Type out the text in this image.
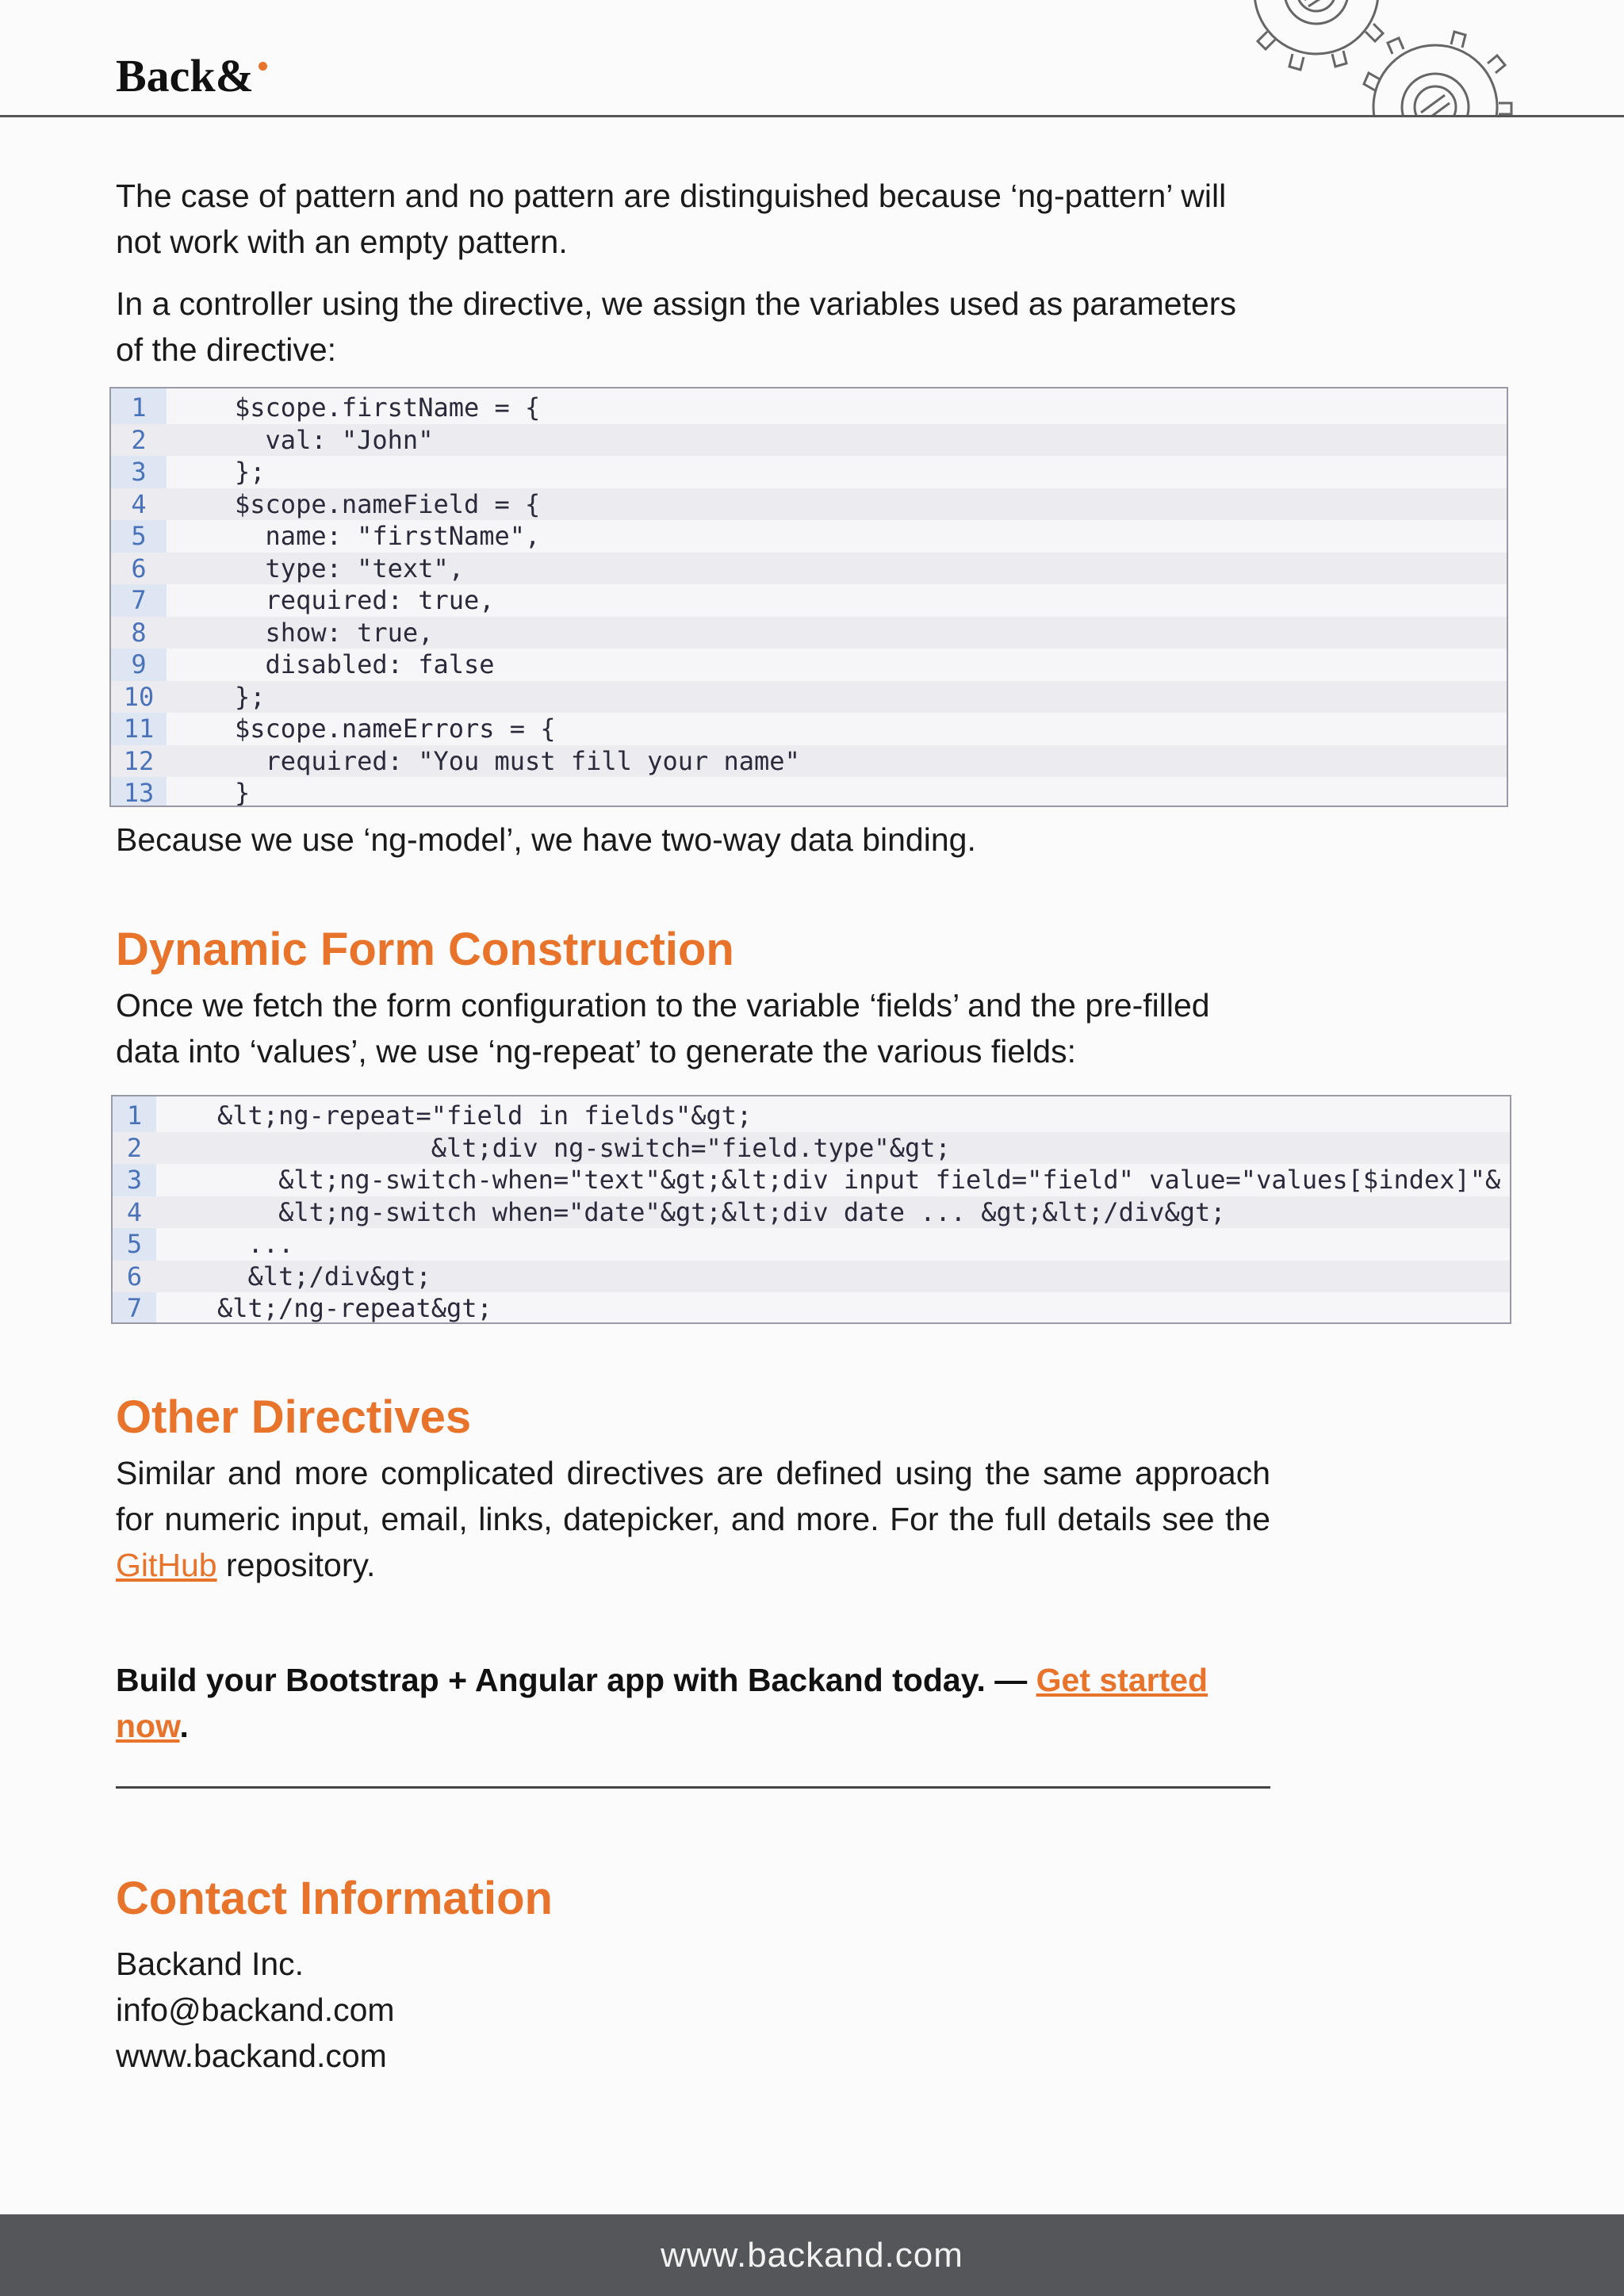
Back&

The case of pattern and no pattern are distinguished because ‘ng-pattern’ will not work with an empty pattern.

In a controller using the directive, we assign the variables used as parameters of the directive:

1	$scope.firstName = {
2	val: "John"
3	};
4	$scope.nameField = {
5	name: "firstName",
6	type: "text",
7	required: true,
8	show: true,
9	disabled: false
10	};
11	$scope.nameErrors = {
12	required: "You must fill your name"
13	}

Because we use ‘ng-model’, we have two-way data binding.

Dynamic Form Construction

Once we fetch the form configuration to the variable ‘fields’ and the pre-filled data into ‘values’, we use ‘ng-repeat’ to generate the various fields:

1	&lt;ng-repeat="field in fields"&gt;
2	&lt;div ng-switch="field.type"&gt;
3	&lt;ng-switch-when="text"&gt;&lt;div input field="field" value="values[$index]"&
4	&lt;ng-switch when="date"&gt;&lt;div date ... &gt;&lt;/div&gt;
5	...
6	&lt;/div&gt;
7	&lt;/ng-repeat&gt;
Other Directives

Similar and more complicated directives are defined using the same approach for numeric input, email, links, datepicker, and more. For the full details see the GitHub repository.

Build your Bootstrap + Angular app with Backand today. — Get started now.
Contact Information

Backand Inc.

info@backand.com

www.backand.com

www.backand.com
